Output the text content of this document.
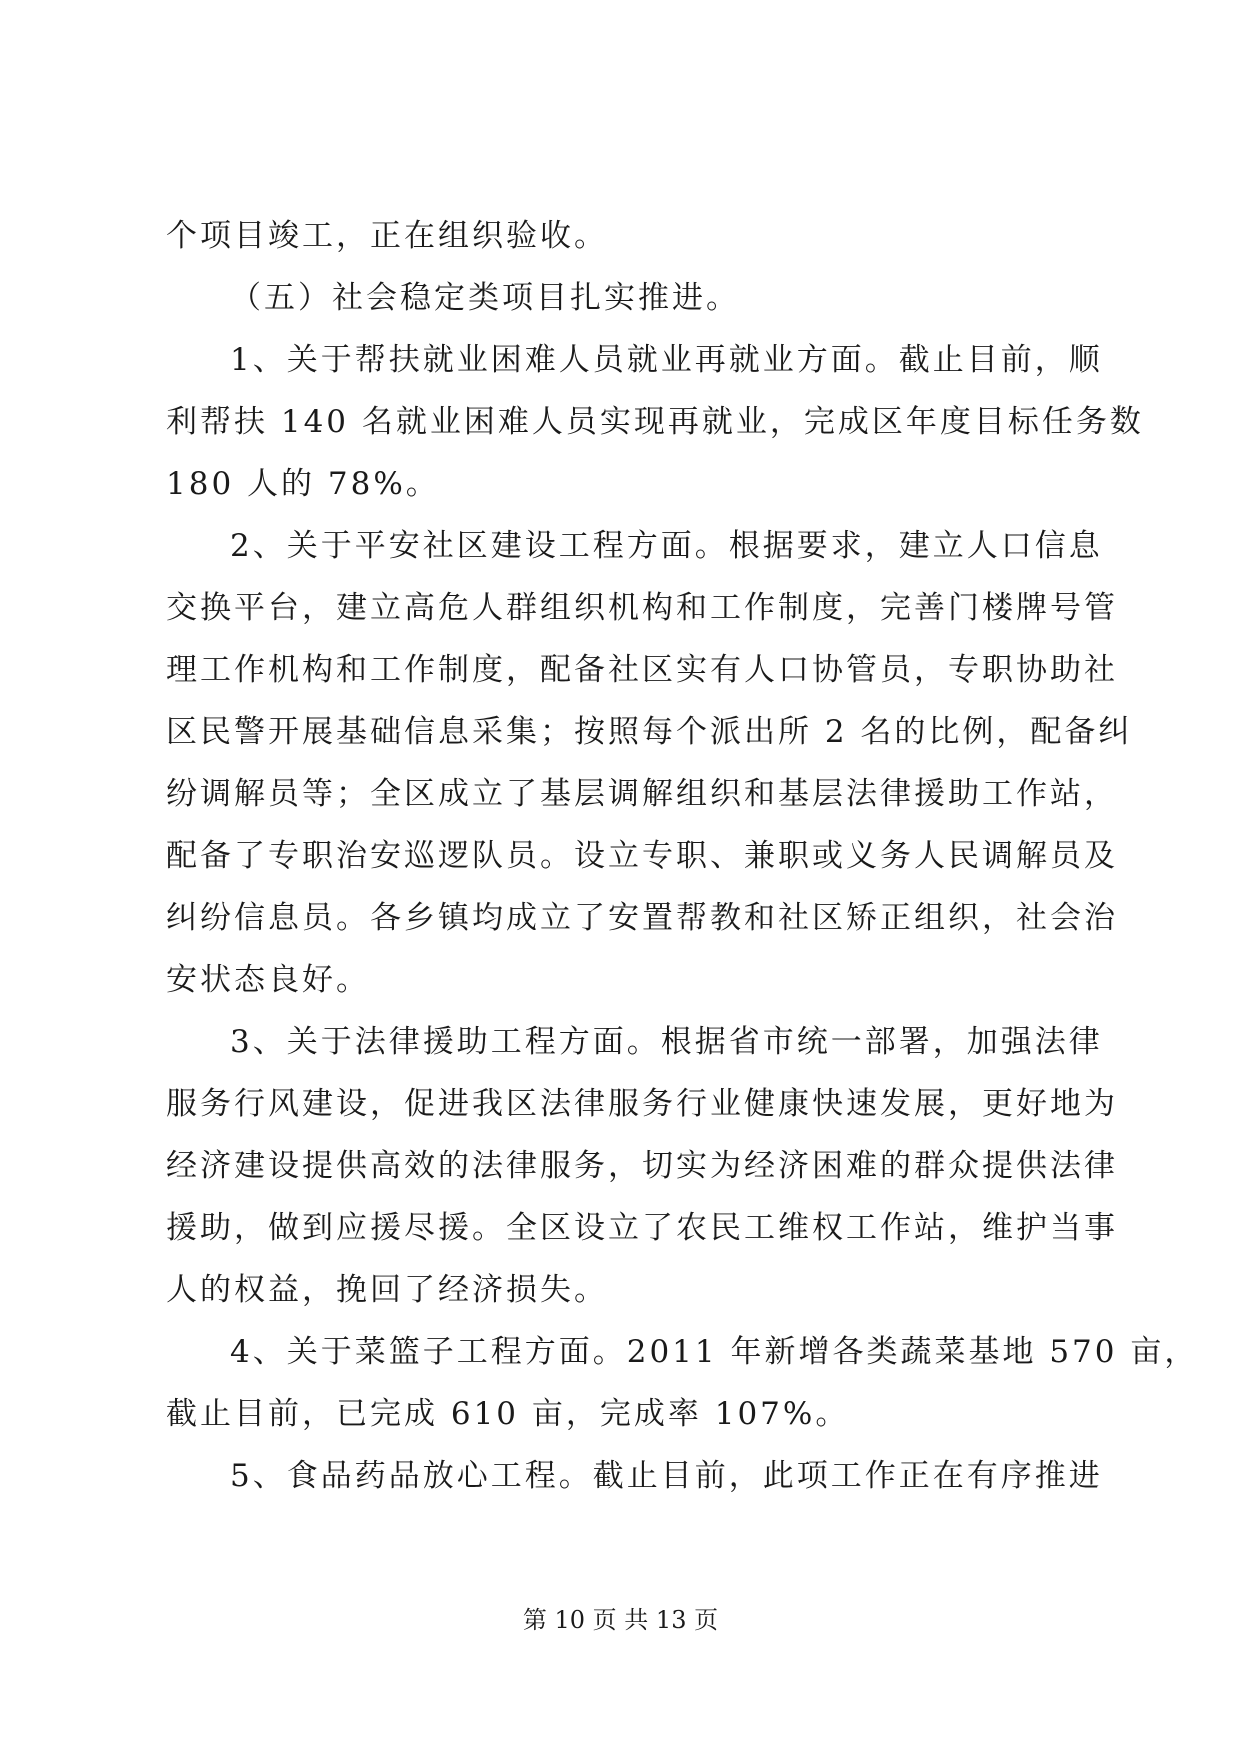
个项目竣工，正在组织验收。
（五）社会稳定类项目扎实推进。
1、关于帮扶就业困难人员就业再就业方面。截止目前，顺
利帮扶 140 名就业困难人员实现再就业，完成区年度目标任务数
180 人的 78%。
2、关于平安社区建设工程方面。根据要求，建立人口信息
交换平台，建立高危人群组织机构和工作制度，完善门楼牌号管
理工作机构和工作制度，配备社区实有人口协管员，专职协助社
区民警开展基础信息采集；按照每个派出所 2 名的比例，配备纠
纷调解员等；全区成立了基层调解组织和基层法律援助工作站，
配备了专职治安巡逻队员。设立专职、兼职或义务人民调解员及
纠纷信息员。各乡镇均成立了安置帮教和社区矫正组织，社会治
安状态良好。
3、关于法律援助工程方面。根据省市统一部署，加强法律
服务行风建设，促进我区法律服务行业健康快速发展，更好地为
经济建设提供高效的法律服务，切实为经济困难的群众提供法律
援助，做到应援尽援。全区设立了农民工维权工作站，维护当事
人的权益，挽回了经济损失。
4、关于菜篮子工程方面。2011 年新增各类蔬菜基地 570 亩，
截止目前，已完成 610 亩，完成率 107%。
5、食品药品放心工程。截止目前，此项工作正在有序推进
第 10 页 共 13 页
